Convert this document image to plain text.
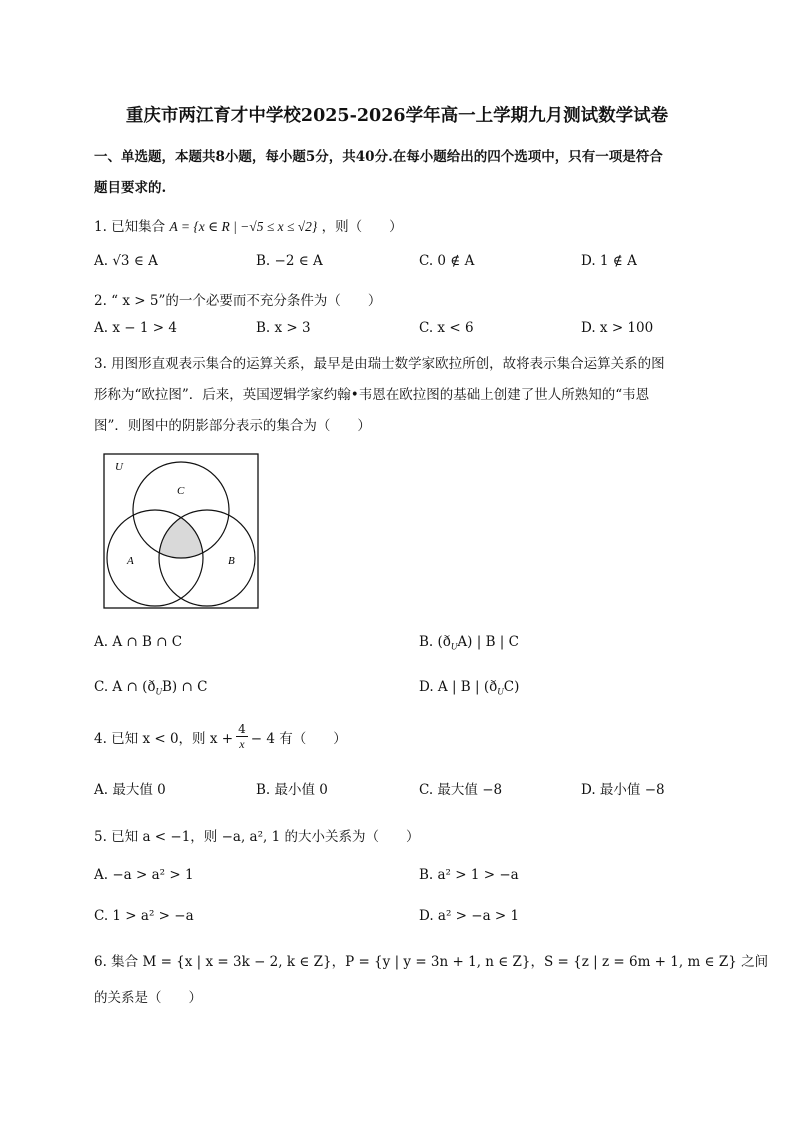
重庆市两江育才中学校2025-2026学年高一上学期九月测试数学试卷
一、单选题，本题共8小题，每小题5分，共40分.在每小题给出的四个选项中，只有一项是符合
题目要求的.
1. 已知集合 A = {x ∈ R | −√5 ≤ x ≤ √2} ，则（　　）
A. √3 ∈ A	B. −2 ∈ A	C. 0 ∉ A	D. 1 ∉ A
2. “ x > 5”的一个必要而不充分条件为（　　）
A. x − 1 > 4	B. x > 3	C. x < 6	D. x > 100
3. 用图形直观表示集合的运算关系，最早是由瑞士数学家欧拉所创，故将表示集合运算关系的图
形称为“欧拉图”．后来，英国逻辑学家约翰•韦恩在欧拉图的基础上创建了世人所熟知的“韦恩
图”．则图中的阴影部分表示的集合为（　　）
U
C
A	B
A. A ∩ B ∩ C	B. $(ð_UA)$ | B | C
C. A ∩ $(ð_UB)$ ∩ C	D. A | B | $(ð_UC)$
4. 已知 x < 0，则 $x + \frac{4}{x} - 4$ 有（　　）
A. 最大值 0	B. 最小值 0	C. 最大值 −8	D. 最小值 −8
5. 已知 a < −1，则 −a, a², 1 的大小关系为（　　）
A. −a > a² > 1	B. a² > 1 > −a
C. 1 > a² > −a	D. a² > −a > 1
6. 集合 M = {x | x = 3k − 2, k ∈ Z}，P = {y | y = 3n + 1, n ∈ Z}，S = {z | z = 6m + 1, m ∈ Z} 之间
的关系是（　　）
